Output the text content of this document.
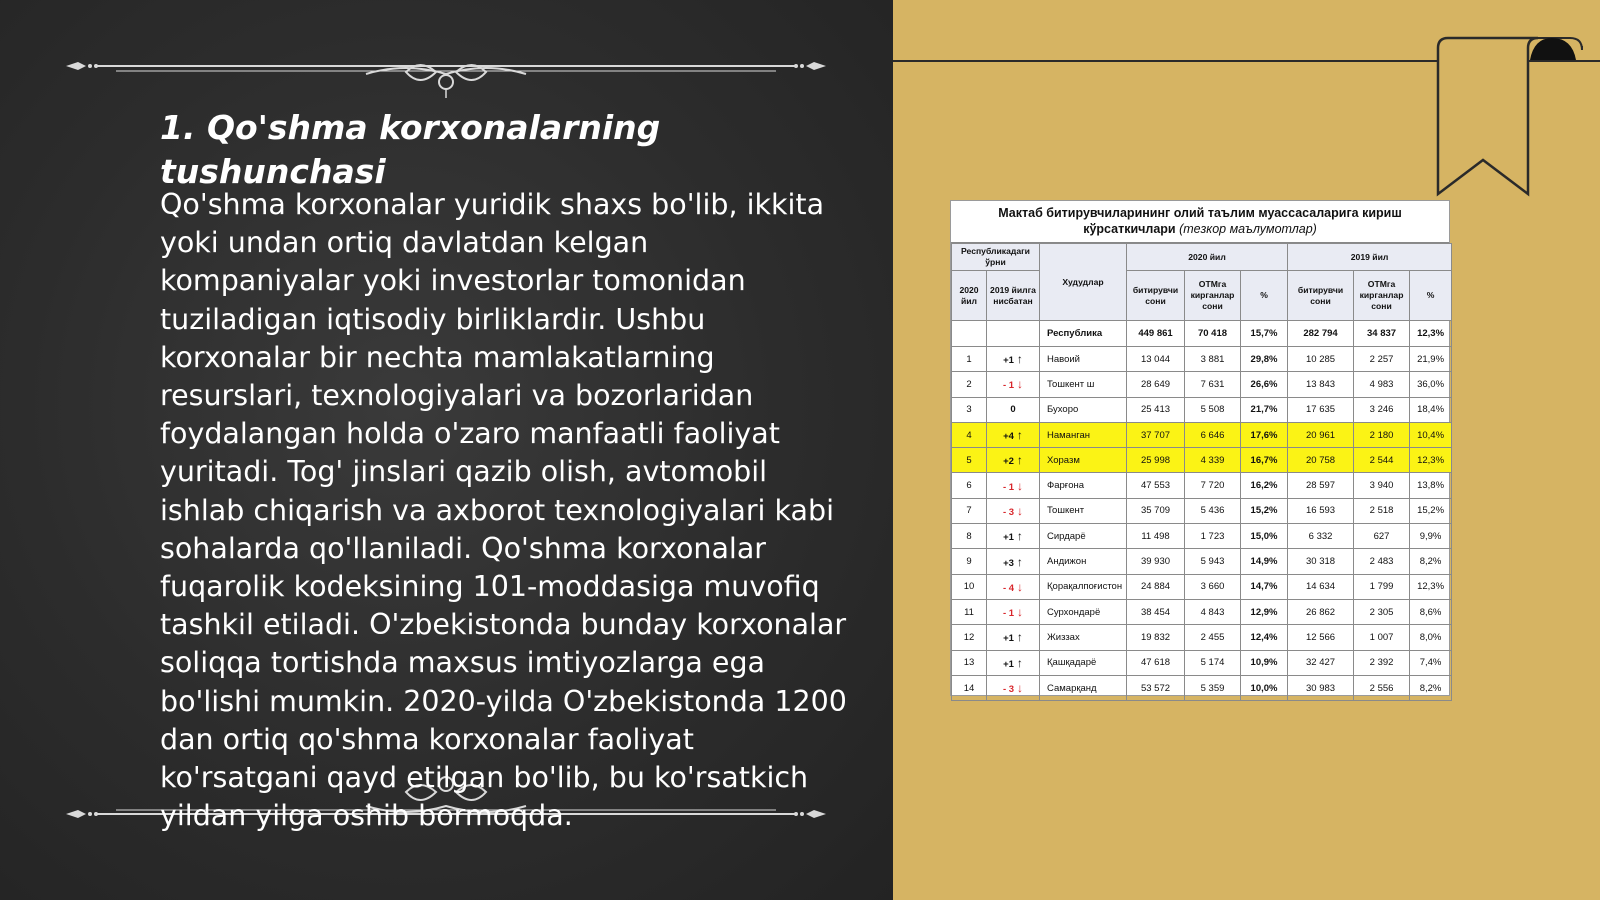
1. Qo'shma korxonalarning tushunchasi

Qo'shma korxonalar yuridik shaxs bo'lib, ikkita yoki undan ortiq davlatdan kelgan kompaniyalar yoki investorlar tomonidan tuziladigan iqtisodiy birliklardir. Ushbu korxonalar bir nechta mamlakatlarning resurslari, texnologiyalari va bozorlaridan foydalangan holda o'zaro manfaatli faoliyat yuritadi. Tog' jinslari qazib olish, avtomobil ishlab chiqarish va axborot texnologiyalari kabi sohalarda qo'llaniladi. Qo'shma korxonalar fuqarolik kodeksining 101-moddasiga muvofiq tashkil etiladi. O'zbekistonda bunday korxonalar soliqqa tortishda maxsus imtiyozlarga ega bo'lishi mumkin. 2020-yilda O'zbekistonda 1200 dan ortiq qo'shma korxonalar faoliyat ko'rsatgani qayd etilgan bo'lib, bu ko'rsatkich yildan yilga oshib bormoqda.

Мактаб битирувчиларининг олий таълим муассасаларига кириш кўрсаткичлари (тезкор маълумотлар)
Республикадаги ўрни		Худудлар	2020 йил			2019 йил		
2020 йил	2019 йилга нисбатан		битирувчи сони	ОТМга кирганлар сони	%	битирувчи сони	ОТМга кирганлар сони	%
		Республика	449 861	70 418	15,7%	282 794	34 837	12,3%
1	+1 ↑	Навоий	13 044	3 881	29,8%	10 285	2 257	21,9%
2	- 1 ↓	Тошкент ш	28 649	7 631	26,6%	13 843	4 983	36,0%
3	0	Бухоро	25 413	5 508	21,7%	17 635	3 246	18,4%
4	+4 ↑	Наманган	37 707	6 646	17,6%	20 961	2 180	10,4%
5	+2 ↑	Хоразм	25 998	4 339	16,7%	20 758	2 544	12,3%
6	- 1 ↓	Фарғона	47 553	7 720	16,2%	28 597	3 940	13,8%
7	- 3 ↓	Тошкент	35 709	5 436	15,2%	16 593	2 518	15,2%
8	+1 ↑	Сирдарё	11 498	1 723	15,0%	6 332	627	9,9%
9	+3 ↑	Андижон	39 930	5 943	14,9%	30 318	2 483	8,2%
10	- 4 ↓	Қорақалпоғистон	24 884	3 660	14,7%	14 634	1 799	12,3%
11	- 1 ↓	Сурхондарё	38 454	4 843	12,9%	26 862	2 305	8,6%
12	+1 ↑	Жиззах	19 832	2 455	12,4%	12 566	1 007	8,0%
13	+1 ↑	Қашқадарё	47 618	5 174	10,9%	32 427	2 392	7,4%
14	- 3 ↓	Самарқанд	53 572	5 359	10,0%	30 983	2 556	8,2%
